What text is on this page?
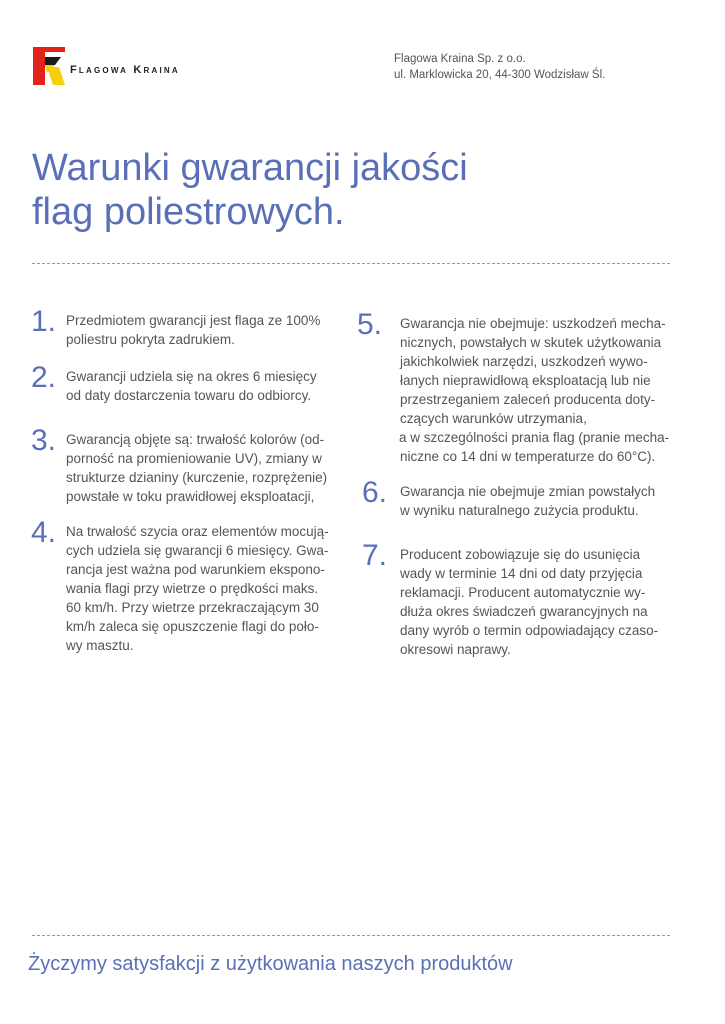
Flagowa Kraina
Flagowa Kraina Sp. z o.o.
ul. Marklowicka 20, 44-300 Wodzisław Śl.
Warunki gwarancji jakości
flag poliestrowych.
1. Przedmiotem gwarancji jest flaga ze 100%
poliestru pokryta zadrukiem.
2. Gwarancji udziela się na okres 6 miesięcy
od daty dostarczenia towaru do odbiorcy.
3. Gwarancją objęte są: trwałość kolorów (od-
porność na promieniowanie UV), zmiany w
strukturze dzianiny (kurczenie, rozprężenie)
powstałe w toku prawidłowej eksploatacji,
4. Na trwałość szycia oraz elementów mocują-
cych udziela się gwarancji 6 miesięcy. Gwa-
rancja jest ważna pod warunkiem ekspono-
wania flagi przy wietrze o prędkości maks.
60 km/h. Przy wietrze przekraczającym 30
km/h zaleca się opuszczenie flagi do poło-
wy masztu.
5. Gwarancja nie obejmuje: uszkodzeń mecha-
nicznych, powstałych w skutek użytkowania
jakichkolwiek narzędzi, uszkodzeń wywo-
łanych nieprawidłową eksploatacją lub nie
przestrzeganiem zaleceń producenta doty-
czących warunków utrzymania,
a w szczególności prania flag (pranie mecha-
niczne co 14 dni w temperaturze do 60°C).
6. Gwarancja nie obejmuje zmian powstałych
w wyniku naturalnego zużycia produktu.
7. Producent zobowiązuje się do usunięcia
wady w terminie 14 dni od daty przyjęcia
reklamacji. Producent automatycznie wy-
dłuża okres świadczeń gwarancyjnych na
dany wyrób o termin odpowiadający czaso-
okresowi naprawy.
Życzymy satysfakcji z użytkowania naszych produktów
